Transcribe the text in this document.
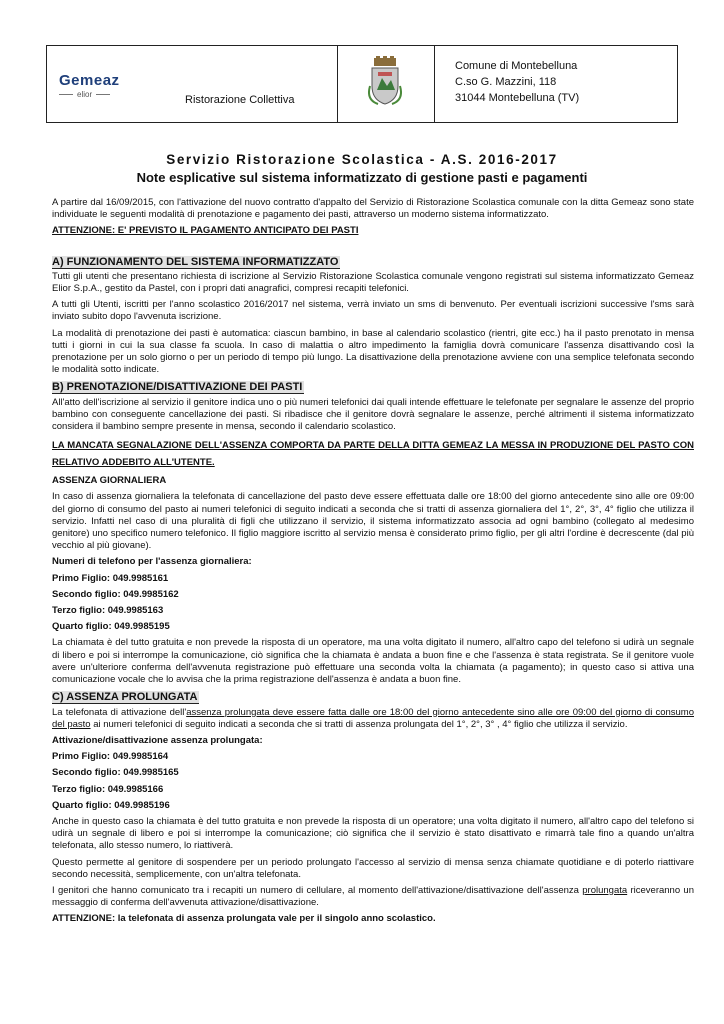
Gemeaz
elior	Ristorazione Collettiva
Comune di Montebelluna
C.so G. Mazzini, 118
31044 Montebelluna (TV)
Servizio Ristorazione Scolastica - A.S. 2016-2017
Note esplicative sul sistema informatizzato di gestione pasti e pagamenti

A partire dal 16/09/2015, con l'attivazione del nuovo contratto d'appalto del Servizio di Ristorazione Scolastica comunale con la ditta Gemeaz sono state individuate le seguenti modalità di prenotazione e pagamento dei pasti, attraverso un moderno sistema informatizzato.

ATTENZIONE: E' PREVISTO IL PAGAMENTO ANTICIPATO DEI PASTI

A) FUNZIONAMENTO DEL SISTEMA INFORMATIZZATO

Tutti gli utenti che presentano richiesta di iscrizione al Servizio Ristorazione Scolastica comunale vengono registrati sul sistema informatizzato Gemeaz Elior S.p.A., gestito da Pastel, con i propri dati anagrafici, compresi recapiti telefonici.

A tutti gli Utenti, iscritti per l'anno scolastico 2016/2017 nel sistema, verrà inviato un sms di benvenuto. Per eventuali iscrizioni successive l'sms sarà inviato subito dopo l'avvenuta iscrizione.

La modalità di prenotazione dei pasti è automatica: ciascun bambino, in base al calendario scolastico (rientri, gite ecc.) ha il pasto prenotato in mensa tutti i giorni in cui la sua classe fa scuola. In caso di malattia o altro impedimento la famiglia dovrà comunicare l'assenza disattivando così la prenotazione per un solo giorno o per un periodo di tempo più lungo. La disattivazione della prenotazione avviene con una semplice telefonata secondo le modalità sotto indicate.

B) PRENOTAZIONE/DISATTIVAZIONE DEI PASTI

All'atto dell'iscrizione al servizio il genitore indica uno o più numeri telefonici dai quali intende effettuare le telefonate per segnalare le assenze del proprio bambino con conseguente cancellazione dei pasti. Si ribadisce che il genitore dovrà segnalare le assenze, perché altrimenti il sistema informatizzato considera il bambino sempre presente in mensa, secondo il calendario scolastico.

LA MANCATA SEGNALAZIONE DELL'ASSENZA COMPORTA DA PARTE DELLA DITTA GEMEAZ LA MESSA IN PRODUZIONE DEL PASTO CON RELATIVO ADDEBITO ALL'UTENTE.

ASSENZA GIORNALIERA

In caso di assenza giornaliera la telefonata di cancellazione del pasto deve essere effettuata dalle ore 18:00 del giorno antecedente sino alle ore 09:00 del giorno di consumo del pasto ai numeri telefonici di seguito indicati a seconda che si tratti di assenza giornaliera del 1°, 2°, 3°, 4° figlio che utilizza il servizio. Infatti nel caso di una pluralità di figli che utilizzano il servizio, il sistema informatizzato associa ad ogni bambino (collegato al medesimo genitore) uno specifico numero telefonico. Il figlio maggiore iscritto al servizio mensa è considerato primo figlio, per gli altri l'ordine è decrescente (dal più vecchio al più giovane).

Numeri di telefono per l'assenza giornaliera:

Primo Figlio: 049.9985161

Secondo figlio: 049.9985162

Terzo figlio: 049.9985163

Quarto figlio: 049.9985195

La chiamata è del tutto gratuita e non prevede la risposta di un operatore, ma una volta digitato il numero, all'altro capo del telefono si udirà un segnale di libero e poi si interrompe la comunicazione, ciò significa che la chiamata è andata a buon fine e che l'assenza è stata registrata. Se il genitore vuole avere un'ulteriore conferma dell'avvenuta registrazione può effettuare una seconda volta la chiamata (a pagamento); in questo caso si attiva una comunicazione vocale che lo avvisa che la prima registrazione dell'assenza è andata a buon fine.

C) ASSENZA PROLUNGATA

La telefonata di attivazione dell'assenza prolungata deve essere fatta dalle ore 18:00 del giorno antecedente sino alle ore 09:00 del giorno di consumo del pasto ai numeri telefonici di seguito indicati a seconda che si tratti di assenza prolungata del 1°, 2°, 3° , 4° figlio che utilizza il servizio.

Attivazione/disattivazione assenza prolungata:

Primo Figlio: 049.9985164

Secondo figlio: 049.9985165

Terzo figlio: 049.9985166

Quarto figlio: 049.9985196

Anche in questo caso la chiamata è del tutto gratuita e non prevede la risposta di un operatore; una volta digitato il numero, all'altro capo del telefono si udirà un segnale di libero e poi si interrompe la comunicazione; ciò significa che il servizio è stato disattivato e rimarrà tale fino a quando un'altra telefonata, allo stesso numero, lo riattiverà.

Questo permette al genitore di sospendere per un periodo prolungato l'accesso al servizio di mensa senza chiamate quotidiane e di poterlo riattivare secondo necessità, semplicemente, con un'altra telefonata.

I genitori che hanno comunicato tra i recapiti un numero di cellulare, al momento dell'attivazione/disattivazione dell'assenza prolungata riceveranno un messaggio di conferma dell'avvenuta attivazione/disattivazione.

ATTENZIONE: la telefonata di assenza prolungata vale per il singolo anno scolastico.
